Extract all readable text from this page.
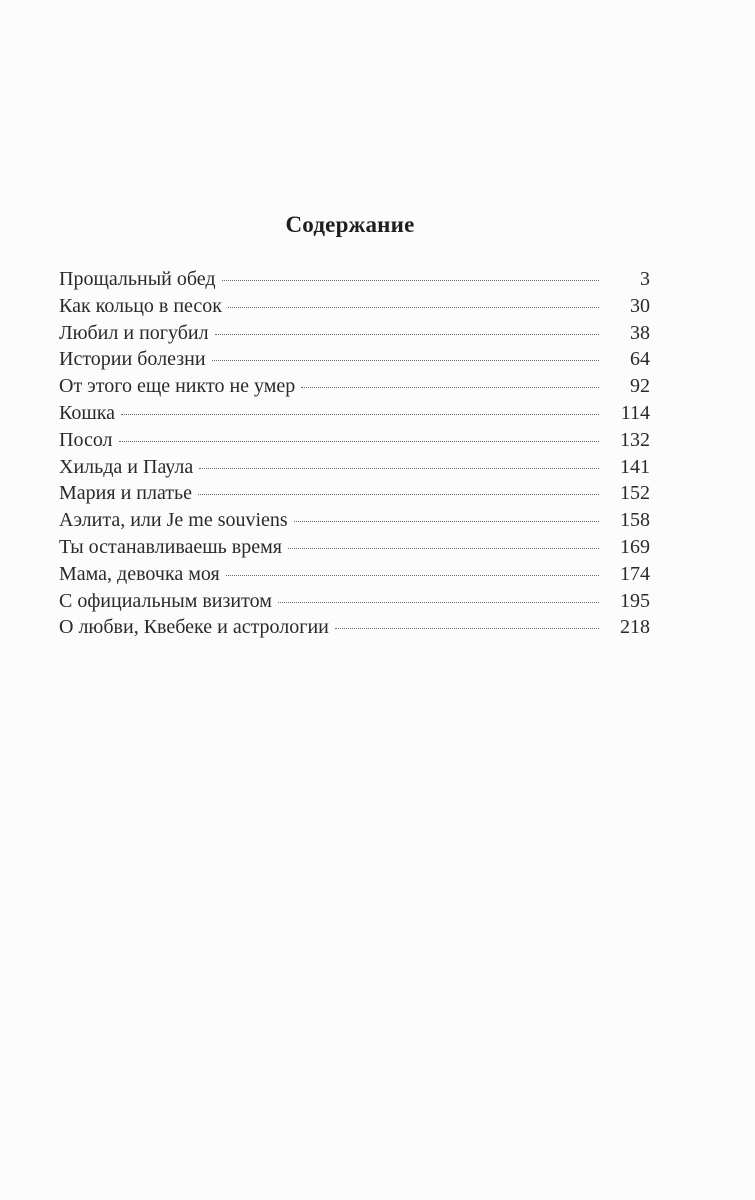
Содержание
Прощальный обед	3
Как кольцо в песок	30
Любил и погубил	38
Истории болезни	64
От этого еще никто не умер	92
Кошка	114
Посол	132
Хильда и Паула	141
Мария и платье	152
Аэлита, или Je me souviens	158
Ты останавливаешь время	169
Мама, девочка моя	174
С официальным визитом	195
О любви, Квебеке и астрологии	218
